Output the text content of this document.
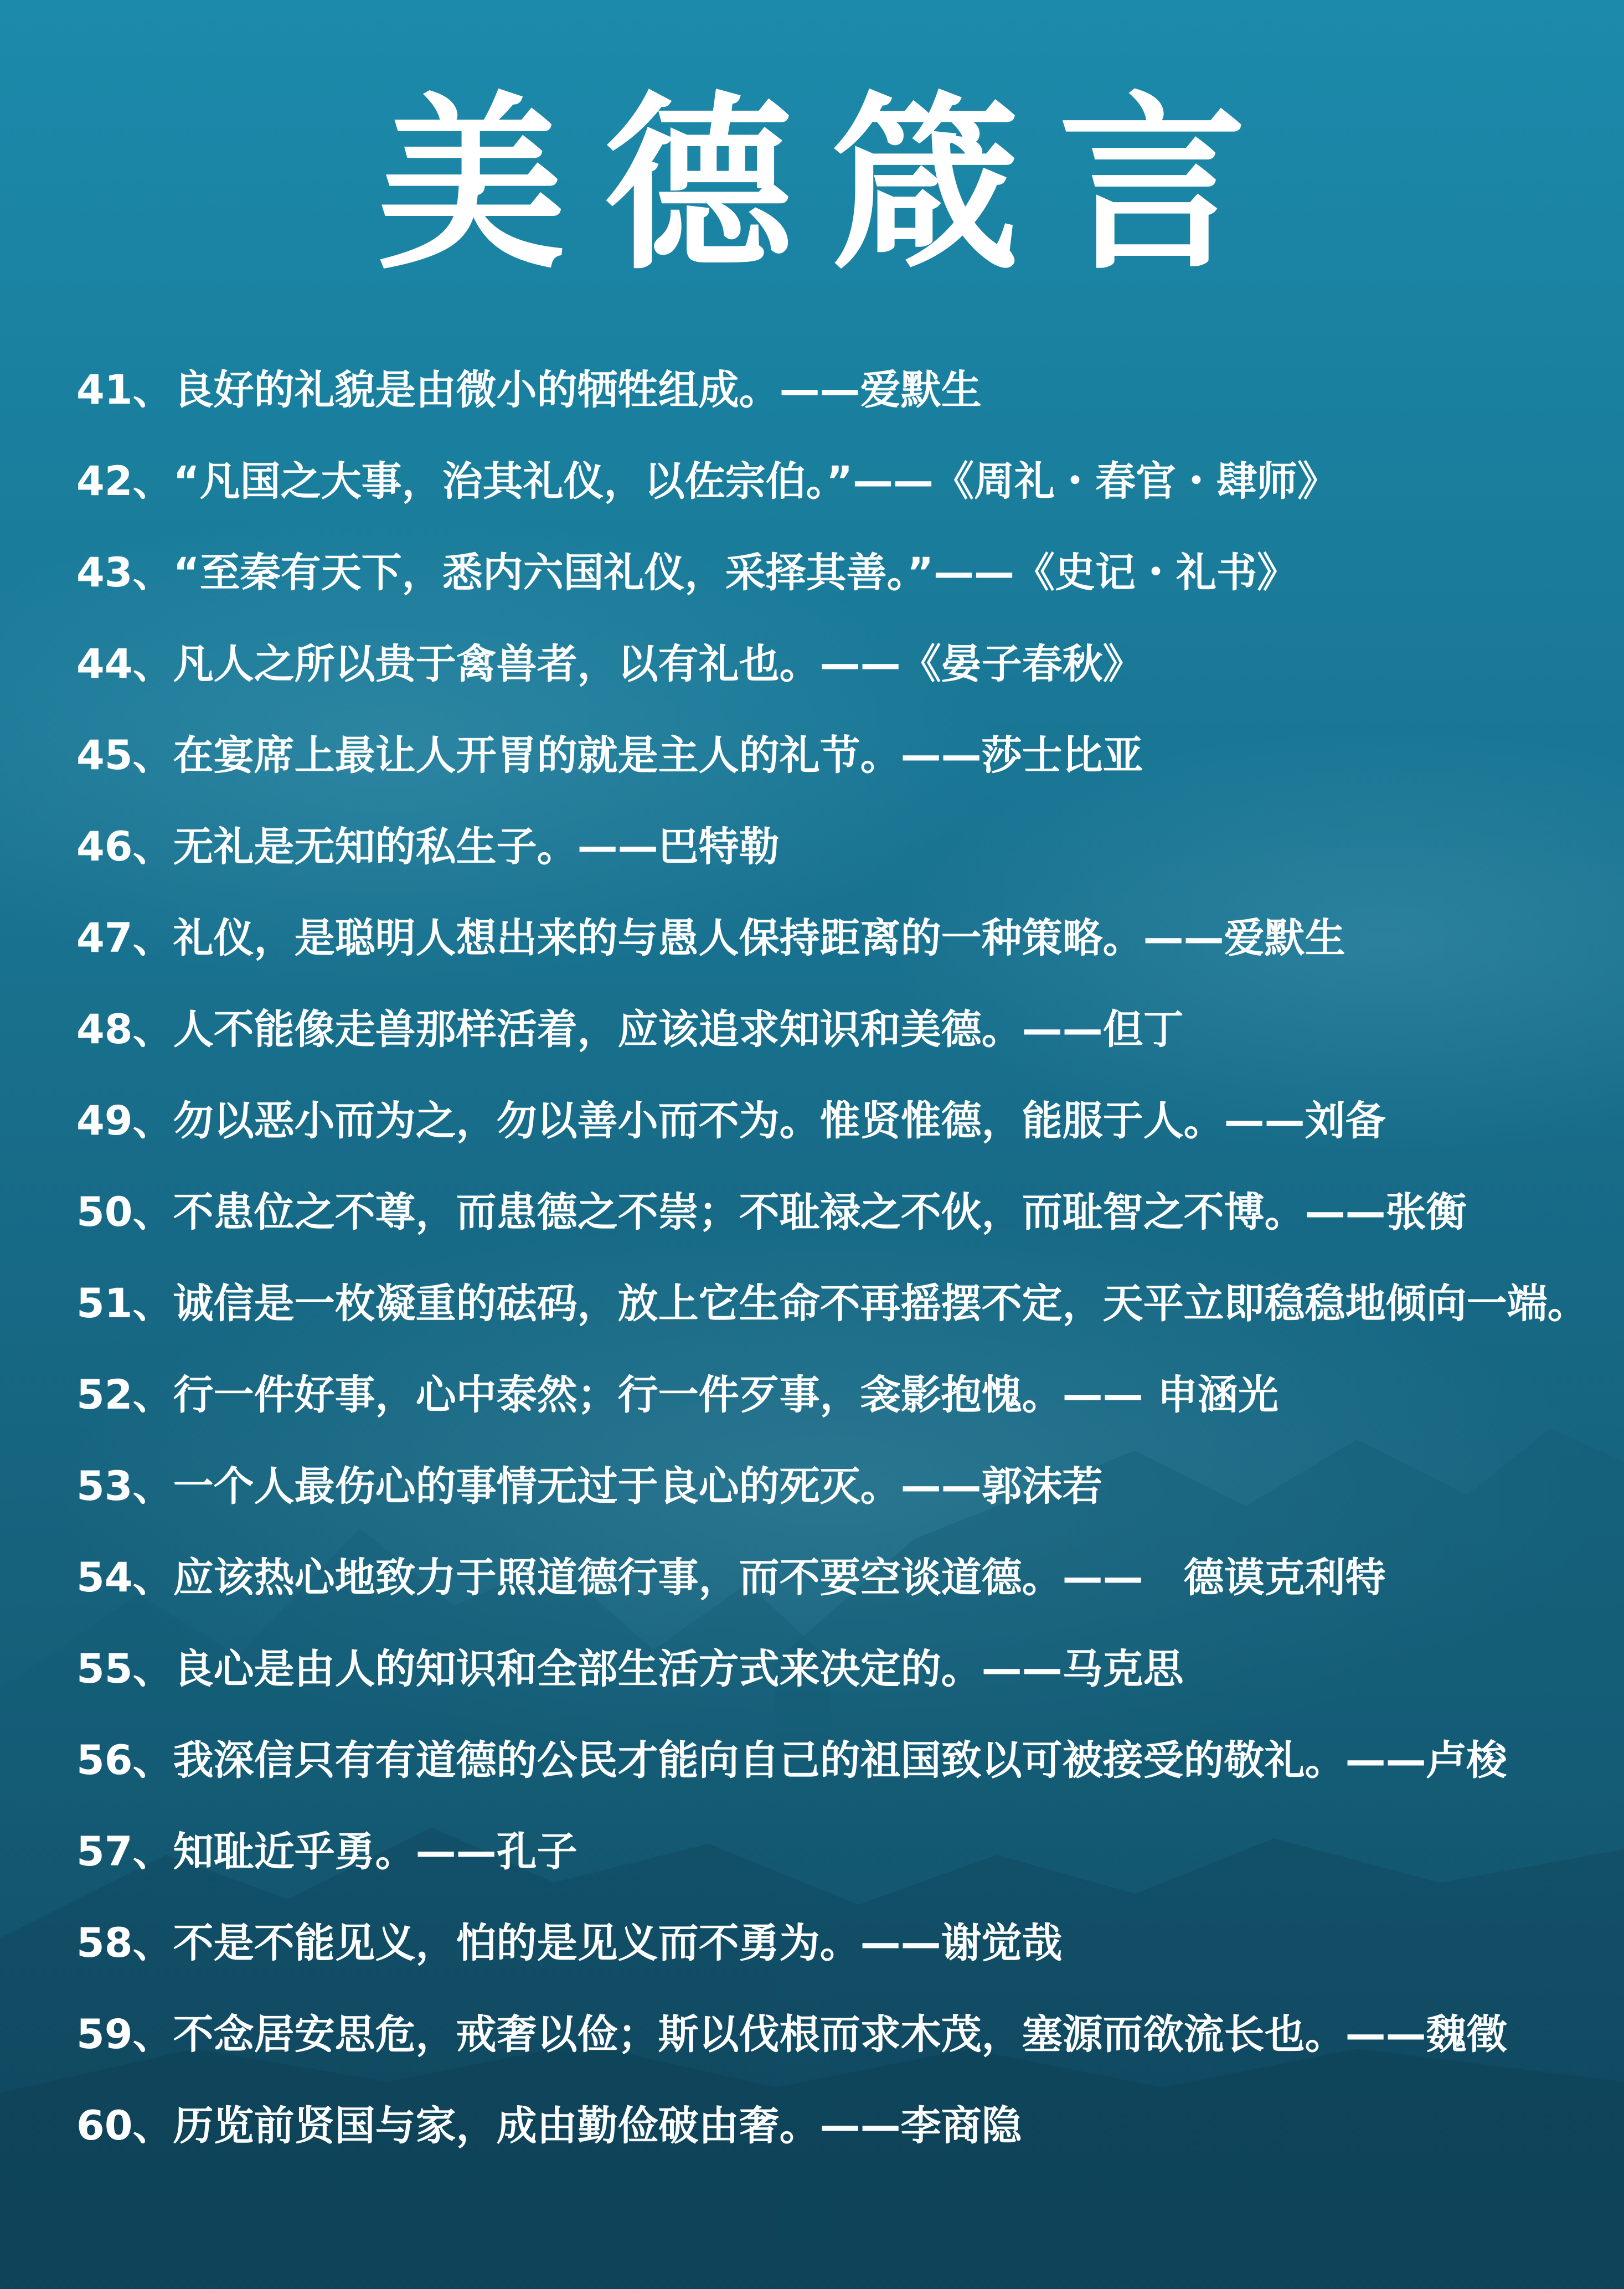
美德箴言
41、良好的礼貌是由微小的牺牲组成。——爱默生
42、“凡国之大事，治其礼仪，以佐宗伯。”——《周礼・春官・肆师》
43、“至秦有天下，悉内六国礼仪，采择其善。”——《史记・礼书》
44、凡人之所以贵于禽兽者，以有礼也。——《晏子春秋》
45、在宴席上最让人开胃的就是主人的礼节。——莎士比亚
46、无礼是无知的私生子。——巴特勒
47、礼仪，是聪明人想出来的与愚人保持距离的一种策略。——爱默生
48、人不能像走兽那样活着，应该追求知识和美德。——但丁
49、勿以恶小而为之，勿以善小而不为。惟贤惟德，能服于人。——刘备
50、不患位之不尊，而患德之不崇；不耻禄之不伙，而耻智之不博。——张衡
51、诚信是一枚凝重的砝码，放上它生命不再摇摆不定，天平立即稳稳地倾向一端。
52、行一件好事，心中泰然；行一件歹事，衾影抱愧。—— 申涵光
53、一个人最伤心的事情无过于良心的死灭。——郭沫若
54、应该热心地致力于照道德行事，而不要空谈道德。——　德谟克利特
55、良心是由人的知识和全部生活方式来决定的。——马克思
56、我深信只有有道德的公民才能向自己的祖国致以可被接受的敬礼。——卢梭
57、知耻近乎勇。——孔子
58、不是不能见义，怕的是见义而不勇为。——谢觉哉
59、不念居安思危，戒奢以俭；斯以伐根而求木茂，塞源而欲流长也。——魏徵
60、历览前贤国与家，成由勤俭破由奢。——李商隐
